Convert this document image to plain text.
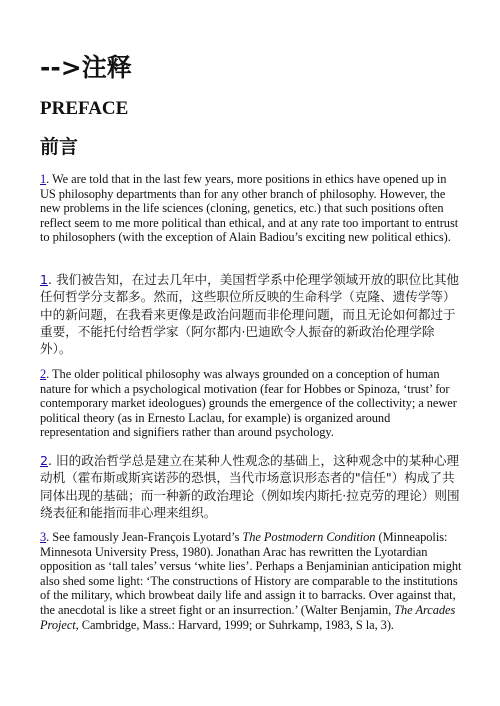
-->注释
PREFACE
前言

1. We are told that in the last few years, more positions in ethics have opened up in US philosophy departments than for any other branch of philosophy. However, the new problems in the life sciences (cloning, genetics, etc.) that such positions often reflect seem to me more political than ethical, and at any rate too important to entrust to philosophers (with the exception of Alain Badiou’s exciting new political ethics).

1. 我们被告知，在过去几年中，美国哲学系中伦理学领域开放的职位比其他任何哲学分支都多。然而，这些职位所反映的生命科学（克隆、遗传学等）中的新问题，在我看来更像是政治问题而非伦理问题，而且无论如何都过于重要，不能托付给哲学家（阿尔都内·巴迪欧令人振奋的新政治伦理学除外）。

2. The older political philosophy was always grounded on a conception of human nature for which a psychological motivation (fear for Hobbes or Spinoza, ‘trust’ for contemporary market ideologues) grounds the emergence of the collectivity; a newer political theory (as in Ernesto Laclau, for example) is organized around representation and signifiers rather than around psychology.

2. 旧的政治哲学总是建立在某种人性观念的基础上，这种观念中的某种心理动机（霍布斯或斯宾诺莎的恐惧，当代市场意识形态者的"信任"）构成了共同体出现的基础；而一种新的政治理论（例如埃内斯托·拉克劳的理论）则围绕表征和能指而非心理来组织。

3. See famously Jean-François Lyotard’s The Postmodern Condition (Minneapolis: Minnesota University Press, 1980). Jonathan Arac has rewritten the Lyotardian opposition as ‘tall tales’ versus ‘white lies’. Perhaps a Benjaminian anticipation might also shed some light: ‘The constructions of History are comparable to the institutions of the military, which browbeat daily life and assign it to barracks. Over against that, the anecdotal is like a street fight or an insurrection.’ (Walter Benjamin, The Arcades Project, Cambridge, Mass.: Harvard, 1999; or Suhrkamp, 1983, S la, 3).
